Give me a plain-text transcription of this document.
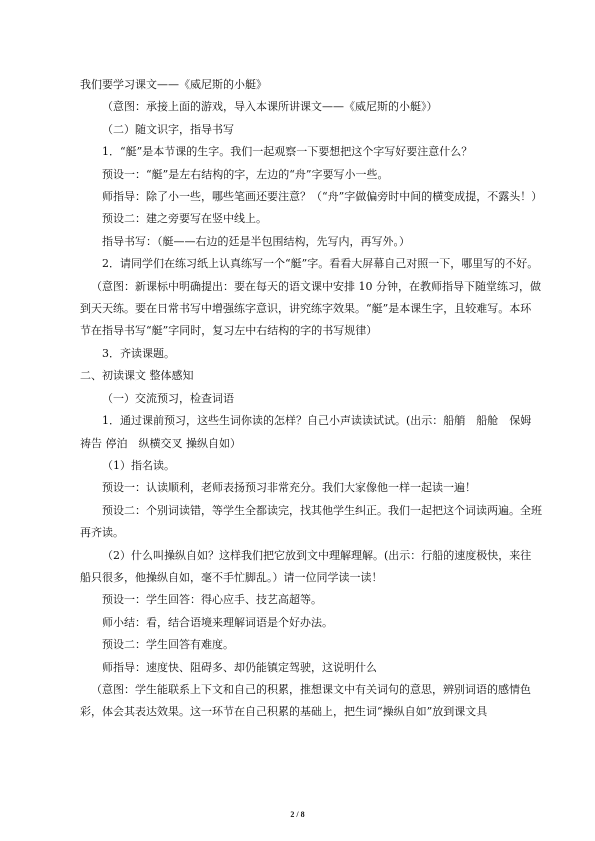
我们要学习课文——《威尼斯的小艇》

（意图：承接上面的游戏，导入本课所讲课文——《威尼斯的小艇》）

（二）随文识字，指导书写

1．“艇”是本节课的生字。我们一起观察一下要想把这个字写好要注意什么？

预设一：“艇”是左右结构的字，左边的“舟”字要写小一些。

师指导：除了小一些，哪些笔画还要注意？（“舟”字做偏旁时中间的横变成提，不露头！）

预设二：建之旁要写在竖中线上。

指导书写：（艇——右边的廷是半包围结构，先写内，再写外。）

2．请同学们在练习纸上认真练写一个“艇”字。看看大屏幕自己对照一下，哪里写的不好。

（意图：新课标中明确提出：要在每天的语文课中安排 10 分钟，在教师指导下随堂练习，做到天天练。要在日常书写中增强练字意识，讲究练字效果。“艇”是本课生字，且较难写。本环节在指导书写“艇”字同时，复习左中右结构的字的书写规律）

3．齐读课题。

二、初读课文 整体感知

（一）交流预习，检查词语

1．通过课前预习，这些生词你读的怎样？自己小声读读试试。(出示：船艄　船舱　保姆祷告 停泊　纵横交叉 操纵自如）

（1）指名读。

预设一：认读顺利，老师表扬预习非常充分。我们大家像他一样一起读一遍！

预设二：个别词读错，等学生全都读完，找其他学生纠正。我们一起把这个词读两遍。全班再齐读。

（2）什么叫操纵自如？这样我们把它放到文中理解理解。(出示：行船的速度极快，来往船只很多，他操纵自如，毫不手忙脚乱。）请一位同学读一读！

预设一：学生回答：得心应手、技艺高超等。

师小结：看，结合语境来理解词语是个好办法。

预设二：学生回答有难度。

师指导：速度快、阻碍多、却仍能镇定驾驶，这说明什么

（意图：学生能联系上下文和自己的积累，推想课文中有关词句的意思，辨别词语的感情色彩，体会其表达效果。这一环节在自己积累的基础上，把生词“操纵自如”放到课文具

2 / 8
